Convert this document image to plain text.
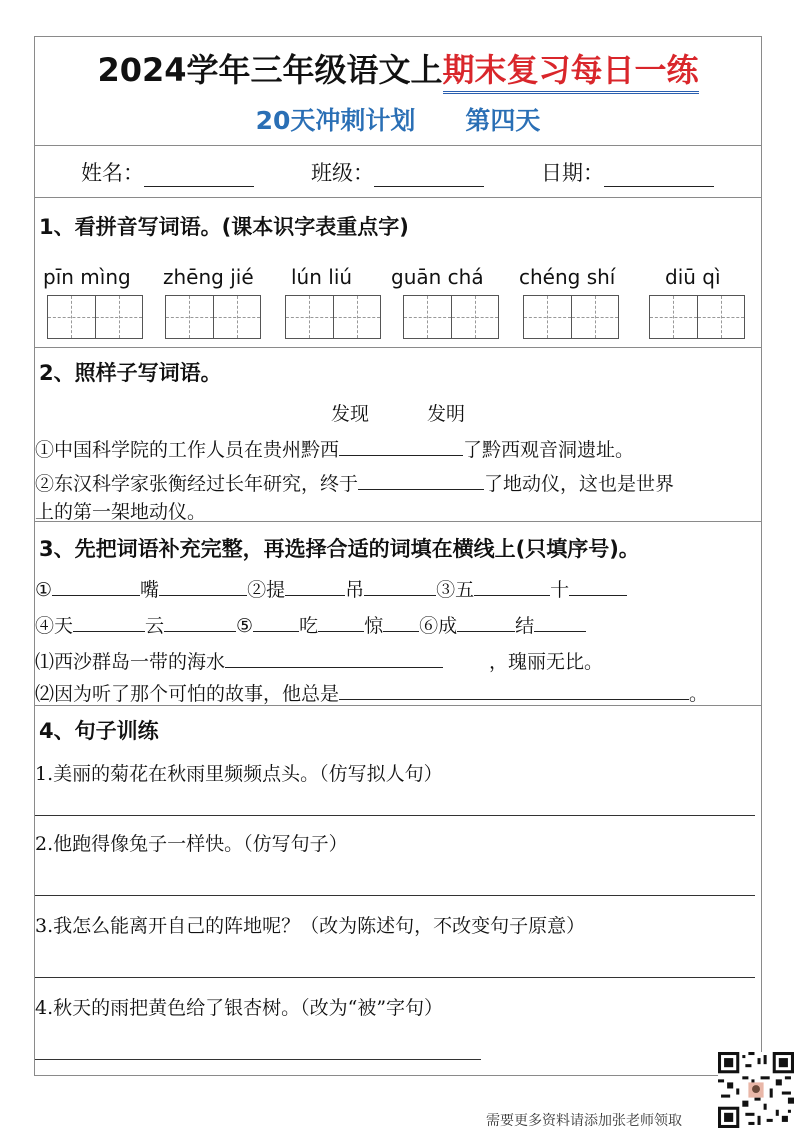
2024学年三年级语文上期末复习每日一练
20天冲刺计划 第四天
姓名：	班级：	日期：
1、看拼音写词语。(课本识字表重点字)
pīn mìng zhēng jié lún liú guān chá chéng shí diū qì
2、照样子写词语。
发现	发明
①中国科学院的工作人员在贵州黔西	了黔西观音洞遗址。
②东汉科学家张衡经过长年研究，终于	了地动仪，这也是世界
上的第一架地动仪。
3、先把词语补充完整，再选择合适的词填在横线上(只填序号)。
①	嘴	②提	吊	③五	十
④天	云	⑤ 吃 惊 ⑥成	结
⑴西沙群岛一带的海水	，瑰丽无比。
⑵因为听了那个可怕的故事，他总是	。
4、句子训练
1.美丽的菊花在秋雨里频频点头。（仿写拟人句）
2.他跑得像兔子一样快。（仿写句子）
3.我怎么能离开自己的阵地呢？（改为陈述句，不改变句子原意）
4.秋天的雨把黄色给了银杏树。（改为“被”字句）
需要更多资料请添加张老师领取
